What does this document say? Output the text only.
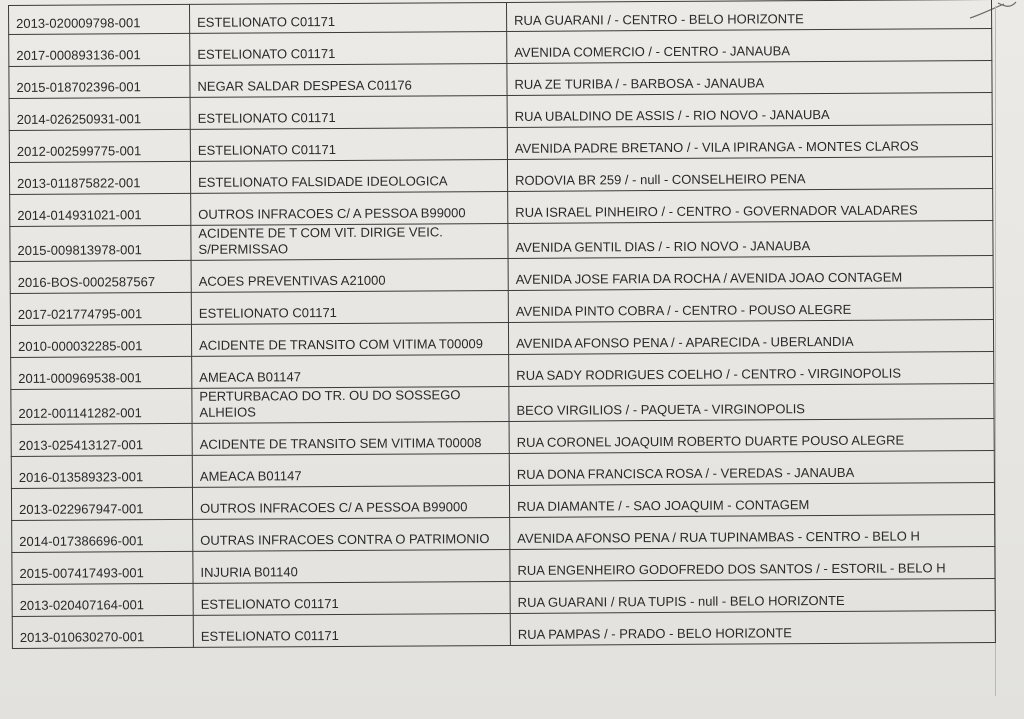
2013-020009798-001	ESTELIONATO C01171	RUA GUARANI / - CENTRO - BELO HORIZONTE
2017-000893136-001	ESTELIONATO C01171	AVENIDA COMERCIO / - CENTRO - JANAUBA
2015-018702396-001	NEGAR SALDAR DESPESA C01176	RUA ZE TURIBA / - BARBOSA - JANAUBA
2014-026250931-001	ESTELIONATO C01171	RUA UBALDINO DE ASSIS / - RIO NOVO - JANAUBA
2012-002599775-001	ESTELIONATO C01171	AVENIDA PADRE BRETANO / - VILA IPIRANGA - MONTES CLAROS
2013-011875822-001	ESTELIONATO FALSIDADE IDEOLOGICA	RODOVIA BR 259 / - null - CONSELHEIRO PENA
2014-014931021-001	OUTROS INFRACOES C/ A PESSOA B99000	RUA ISRAEL PINHEIRO / - CENTRO - GOVERNADOR VALADARES
2015-009813978-001	ACIDENTE DE T COM VIT. DIRIGE VEIC. S/PERMISSAO	AVENIDA GENTIL DIAS / - RIO NOVO - JANAUBA
2016-BOS-0002587567	ACOES PREVENTIVAS A21000	AVENIDA JOSE FARIA DA ROCHA / AVENIDA JOAO CONTAGEM
2017-021774795-001	ESTELIONATO C01171	AVENIDA PINTO COBRA / - CENTRO - POUSO ALEGRE
2010-000032285-001	ACIDENTE DE TRANSITO COM VITIMA T00009	AVENIDA AFONSO PENA / - APARECIDA - UBERLANDIA
2011-000969538-001	AMEACA B01147	RUA SADY RODRIGUES COELHO / - CENTRO - VIRGINOPOLIS
2012-001141282-001	PERTURBACAO DO TR. OU DO SOSSEGO ALHEIOS	BECO VIRGILIOS / - PAQUETA - VIRGINOPOLIS
2013-025413127-001	ACIDENTE DE TRANSITO SEM VITIMA T00008	RUA CORONEL JOAQUIM ROBERTO DUARTE POUSO ALEGRE
2016-013589323-001	AMEACA B01147	RUA DONA FRANCISCA ROSA / - VEREDAS - JANAUBA
2013-022967947-001	OUTROS INFRACOES C/ A PESSOA B99000	RUA DIAMANTE / - SAO JOAQUIM - CONTAGEM
2014-017386696-001	OUTRAS INFRACOES CONTRA O PATRIMONIO	AVENIDA AFONSO PENA / RUA TUPINAMBAS - CENTRO - BELO H
2015-007417493-001	INJURIA B01140	RUA ENGENHEIRO GODOFREDO DOS SANTOS / - ESTORIL - BELO H
2013-020407164-001	ESTELIONATO C01171	RUA GUARANI / RUA TUPIS - null - BELO HORIZONTE
2013-010630270-001	ESTELIONATO C01171	RUA PAMPAS / - PRADO - BELO HORIZONTE
